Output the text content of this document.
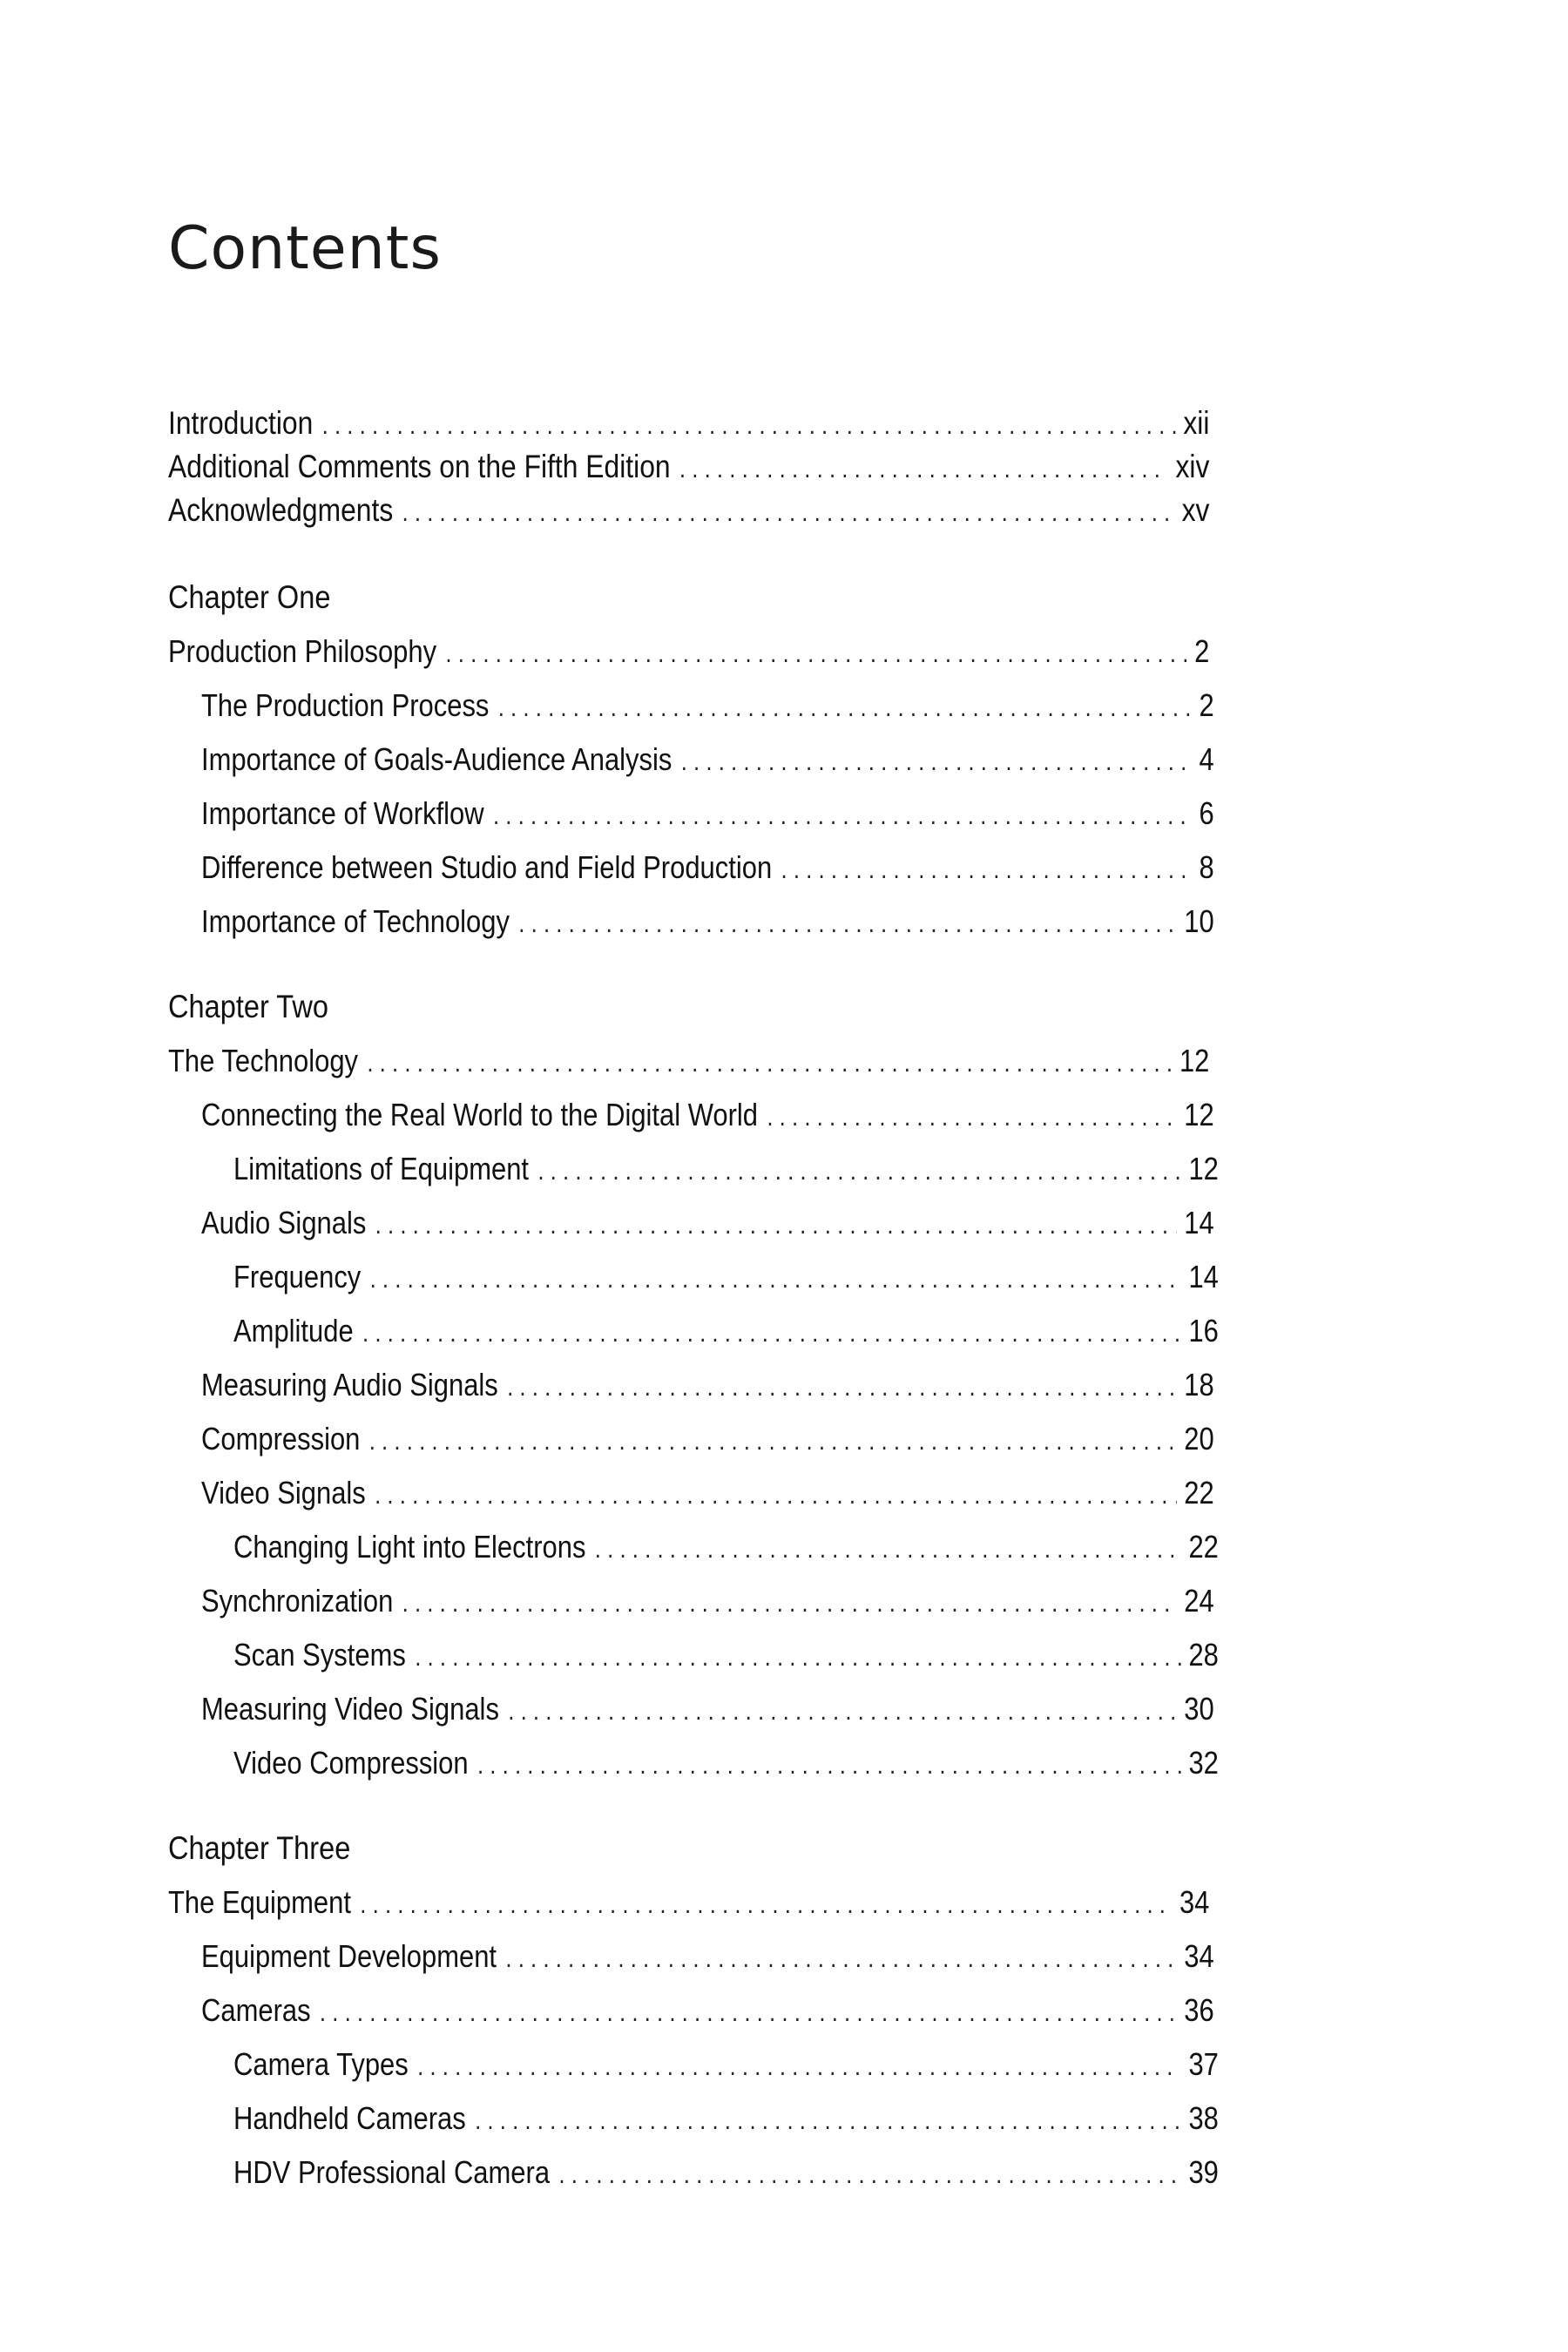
Contents
Introduction . . .	xii
Additional Comments on the Fifth Edition . . .	xiv
Acknowledgments . . .	xv
Chapter One
Production Philosophy . . .	2
The Production Process . . .	2
Importance of Goals-Audience Analysis . . .	4
Importance of Workflow . . .	6
Difference between Studio and Field Production . . .	8
Importance of Technology . . .	10
Chapter Two
The Technology . . .	12
Connecting the Real World to the Digital World . . .	12
Limitations of Equipment . . .	12
Audio Signals . . .	14
Frequency . . .	14
Amplitude . . .	16
Measuring Audio Signals . . .	18
Compression . . .	20
Video Signals . . .	22
Changing Light into Electrons . . .	22
Synchronization . . .	24
Scan Systems . . .	28
Measuring Video Signals . . .	30
Video Compression . . .	32
Chapter Three
The Equipment . . .	34
Equipment Development . . .	34
Cameras . . .	36
Camera Types . . .	37
Handheld Cameras . . .	38
HDV Professional Camera . . .	39
